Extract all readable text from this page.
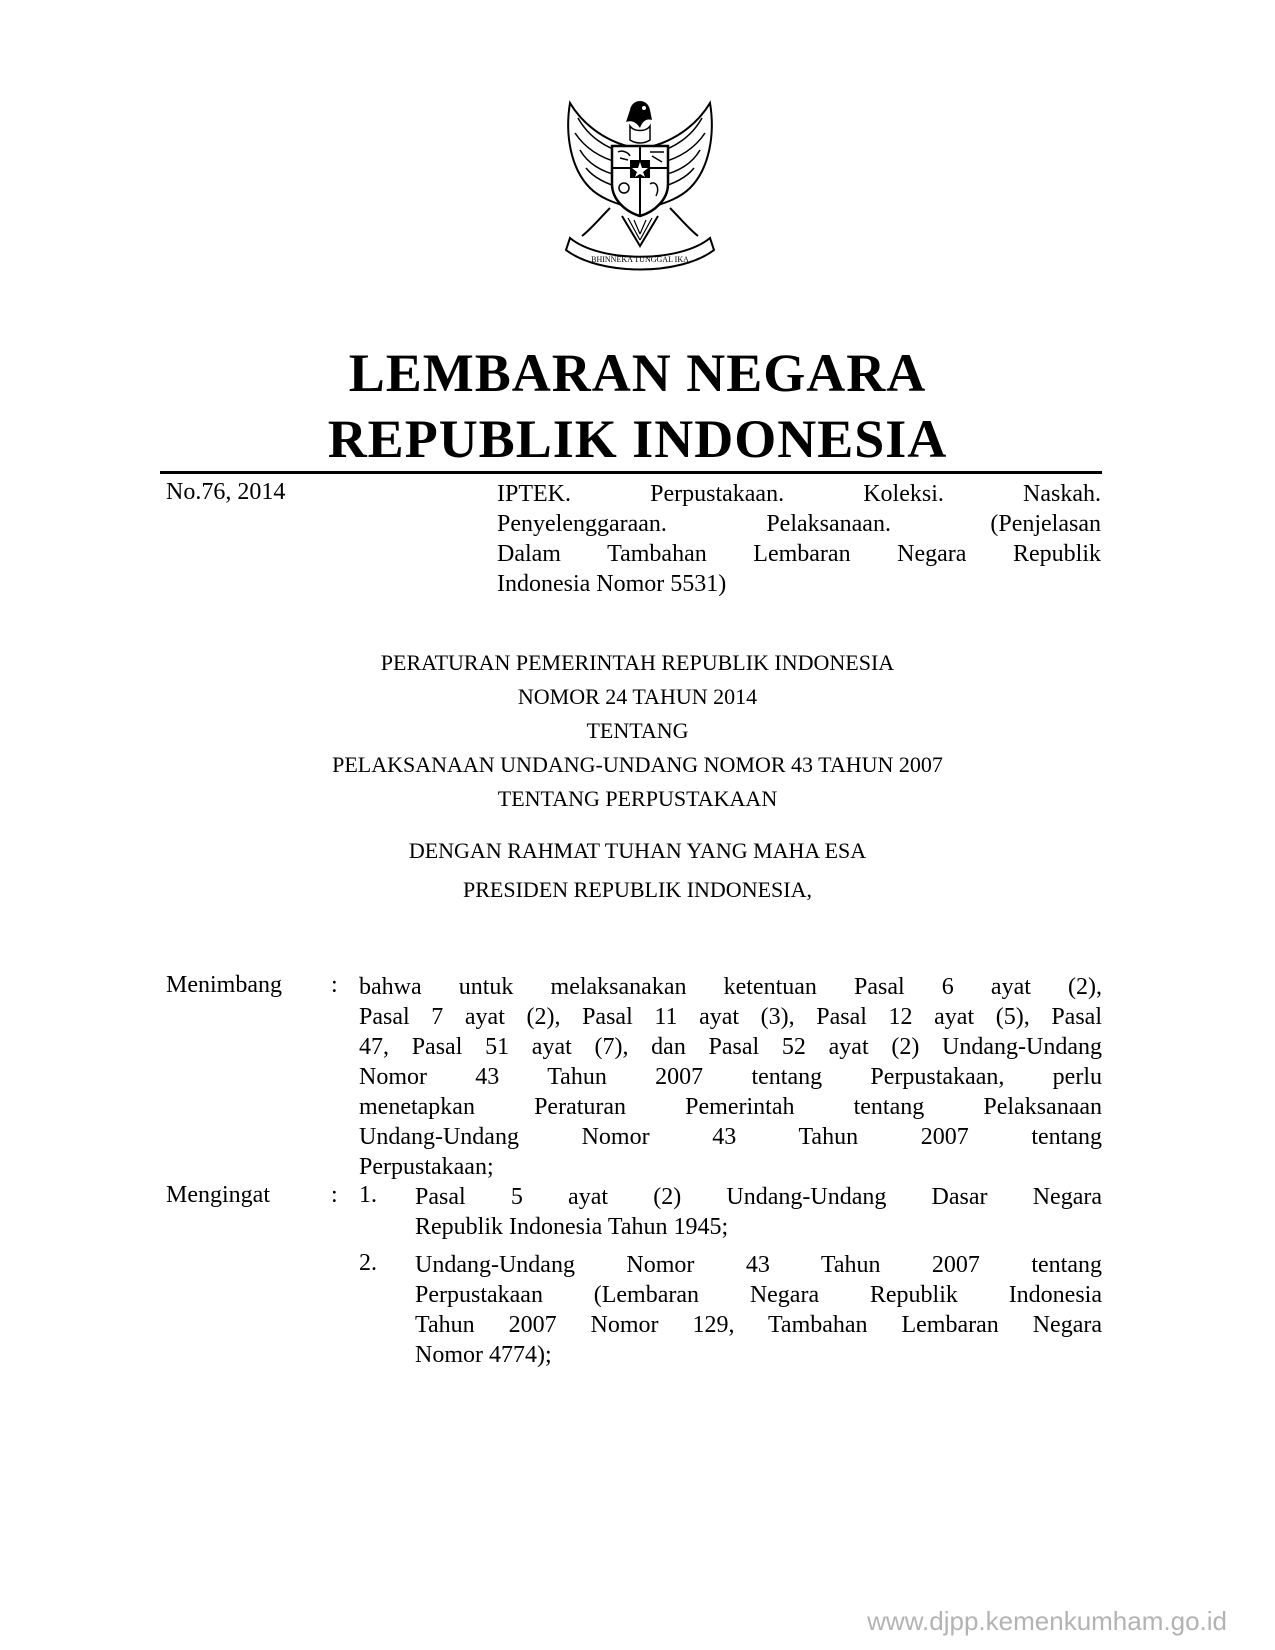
BHINNEKA TUNGGAL IKA
LEMBARAN NEGARA
REPUBLIK INDONESIA
No.76, 2014	IPTEK. Perpustakaan. Koleksi. Naskah.
Penyelenggaraan. Pelaksanaan. (Penjelasan
Dalam Tambahan Lembaran Negara Republik
Indonesia Nomor 5531)
PERATURAN PEMERINTAH REPUBLIK INDONESIA
NOMOR 24 TAHUN 2014
TENTANG
PELAKSANAAN UNDANG-UNDANG NOMOR 43 TAHUN 2007
TENTANG PERPUSTAKAAN
DENGAN RAHMAT TUHAN YANG MAHA ESA
PRESIDEN REPUBLIK INDONESIA,
Menimbang : bahwa untuk melaksanakan ketentuan Pasal 6 ayat (2),
Pasal 7 ayat (2), Pasal 11 ayat (3), Pasal 12 ayat (5), Pasal
47, Pasal 51 ayat (7), dan Pasal 52 ayat (2) Undang-Undang
Nomor 43 Tahun 2007 tentang Perpustakaan, perlu
menetapkan Peraturan Pemerintah tentang Pelaksanaan
Undang-Undang Nomor 43 Tahun 2007 tentang
Perpustakaan;
Mengingat	: 1. Pasal 5 ayat (2) Undang-Undang Dasar Negara
Republik Indonesia Tahun 1945;
2. Undang-Undang Nomor 43 Tahun 2007 tentang
Perpustakaan (Lembaran Negara Republik Indonesia
Tahun 2007 Nomor 129, Tambahan Lembaran Negara
Nomor 4774);
www.djpp.kemenkumham.go.id
